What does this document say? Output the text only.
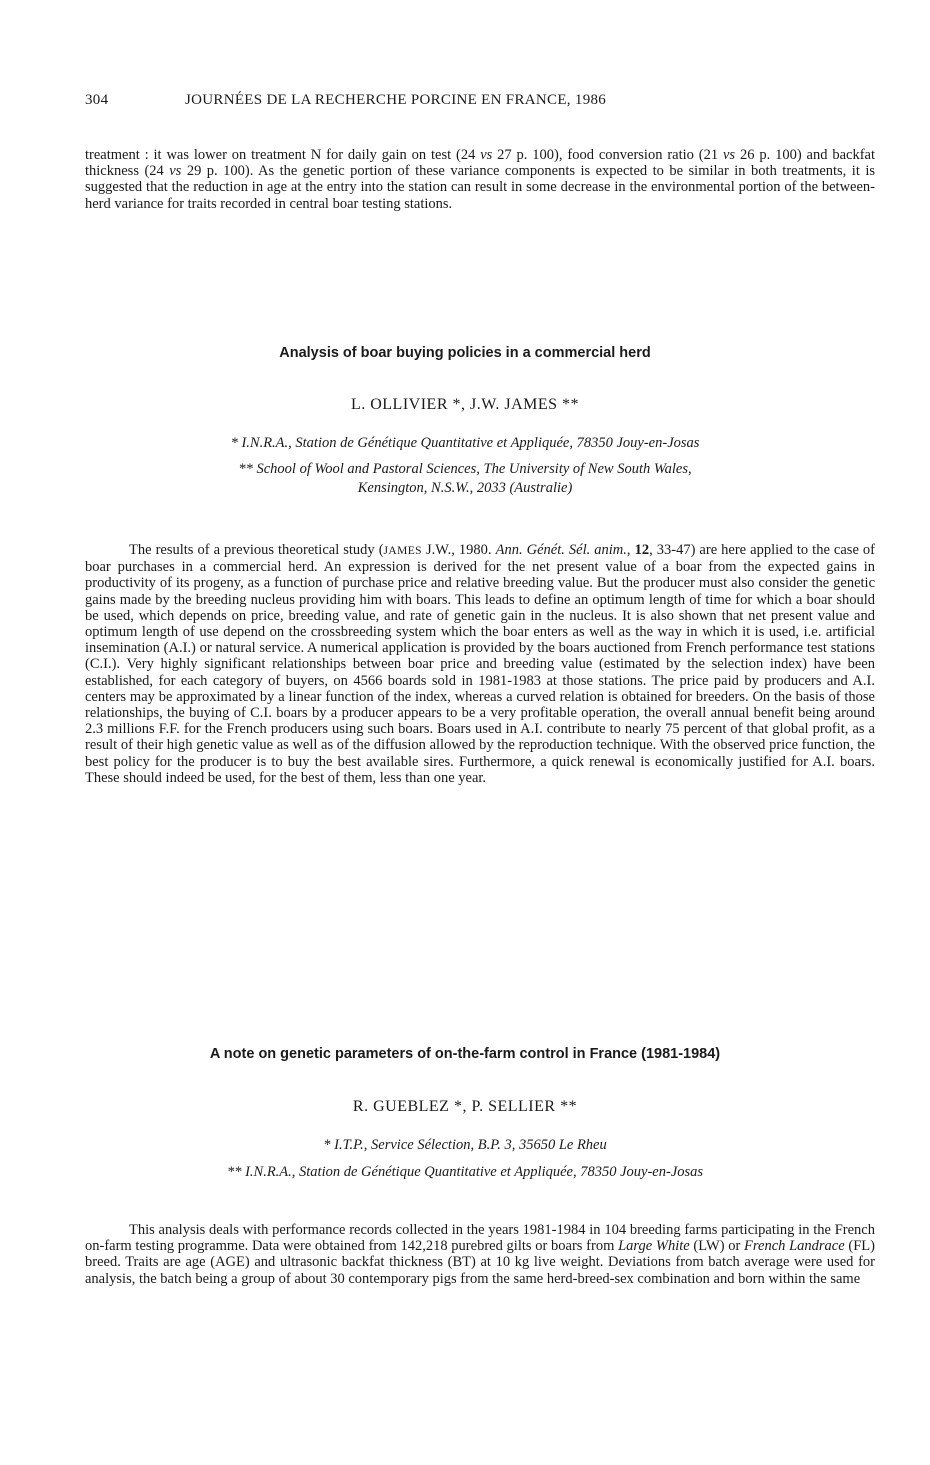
304	JOURNÉES DE LA RECHERCHE PORCINE EN FRANCE, 1986

treatment : it was lower on treatment N for daily gain on test (24 vs 27 p. 100), food conversion ratio (21 vs 26 p. 100) and backfat thickness (24 vs 29 p. 100). As the genetic portion of these variance components is expected to be similar in both treatments, it is suggested that the reduction in age at the entry into the station can result in some decrease in the environmental portion of the between-herd variance for traits recorded in central boar testing stations.

Analysis of boar buying policies in a commercial herd

L. OLLIVIER *, J.W. JAMES **

* I.N.R.A., Station de Génétique Quantitative et Appliquée, 78350 Jouy-en-Josas

** School of Wool and Pastoral Sciences, The University of New South Wales,

Kensington, N.S.W., 2033 (Australie)

The results of a previous theoretical study (JAMES J.W., 1980. Ann. Génét. Sél. anim., 12, 33-47) are here applied to the case of boar purchases in a commercial herd. An expression is derived for the net present value of a boar from the expected gains in productivity of its progeny, as a function of purchase price and relative breeding value. But the producer must also consider the genetic gains made by the breeding nucleus providing him with boars. This leads to define an optimum length of time for which a boar should be used, which depends on price, breeding value, and rate of genetic gain in the nucleus. It is also shown that net present value and optimum length of use depend on the crossbreeding system which the boar enters as well as the way in which it is used, i.e. artificial insemination (A.I.) or natural service. A numerical application is provided by the boars auctioned from French performance test stations (C.I.). Very highly significant relationships between boar price and breeding value (estimated by the selection index) have been established, for each category of buyers, on 4566 boards sold in 1981-1983 at those stations. The price paid by producers and A.I. centers may be approximated by a linear function of the index, whereas a curved relation is obtained for breeders. On the basis of those relationships, the buying of C.I. boars by a producer appears to be a very profitable operation, the overall annual benefit being around 2.3 millions F.F. for the French producers using such boars. Boars used in A.I. contribute to nearly 75 percent of that global profit, as a result of their high genetic value as well as of the diffusion allowed by the reproduction technique. With the observed price function, the best policy for the producer is to buy the best available sires. Furthermore, a quick renewal is economically justified for A.I. boars. These should indeed be used, for the best of them, less than one year.

A note on genetic parameters of on-the-farm control in France (1981-1984)

R. GUEBLEZ *, P. SELLIER **

* I.T.P., Service Sélection, B.P. 3, 35650 Le Rheu

** I.N.R.A., Station de Génétique Quantitative et Appliquée, 78350 Jouy-en-Josas

This analysis deals with performance records collected in the years 1981-1984 in 104 breeding farms participating in the French on-farm testing programme. Data were obtained from 142,218 purebred gilts or boars from Large White (LW) or French Landrace (FL) breed. Traits are age (AGE) and ultrasonic backfat thickness (BT) at 10 kg live weight. Deviations from batch average were used for analysis, the batch being a group of about 30 contemporary pigs from the same herd-breed-sex combination and born within the same
